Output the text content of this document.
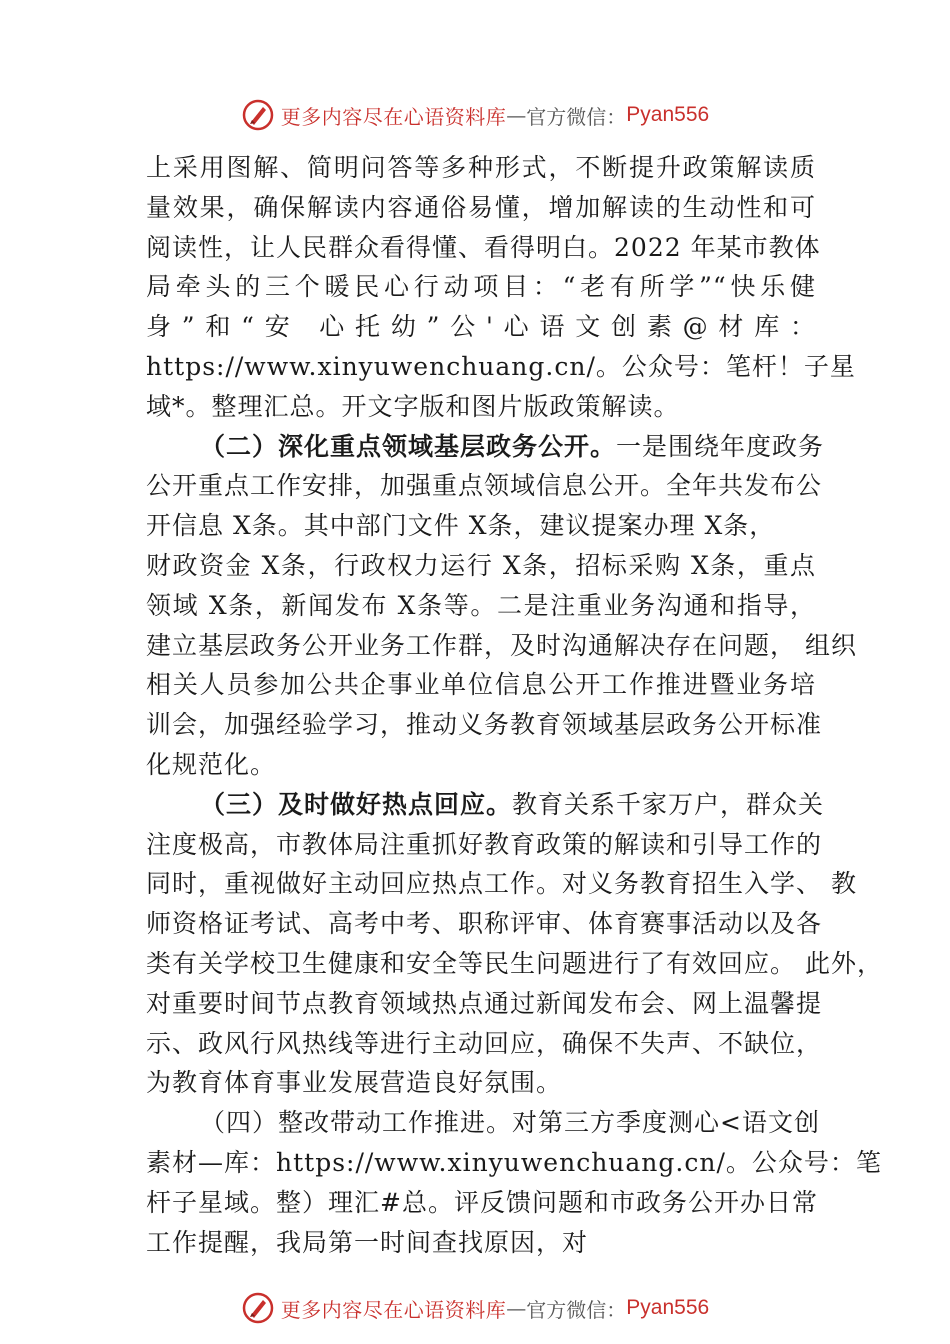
更多内容尽在心语资料库 — 官方微信： Pyan556
上采用图解、简明问答等多种形式，不断提升政策解读质
量效果，确保解读内容通俗易懂，增加解读的生动性和可
阅读性，让人民群众看得懂、看得明白。2022 年某市教体
局牵头的三个暖民心行动项目：“老有所学”“快乐健
身”和“安 心托幼”公'心语文创素@材库：
https://www.xinyuwenchuang.cn/。公众号：笔杆！子星
域*。整理汇总。开文字版和图片版政策解读。
（二）深化重点领域基层政务公开。一是围绕年度政务
公开重点工作安排，加强重点领域信息公开。全年共发布公
开信息 X条。其中部门文件 X条，建议提案办理 X条，
财政资金 X条，行政权力运行 X条，招标采购 X条，重点
领域 X条，新闻发布 X条等。二是注重业务沟通和指导，
建立基层政务公开业务工作群，及时沟通解决存在问题， 组织
相关人员参加公共企事业单位信息公开工作推进暨业务培
训会，加强经验学习，推动义务教育领域基层政务公开标准
化规范化。
（三）及时做好热点回应。教育关系千家万户，群众关
注度极高，市教体局注重抓好教育政策的解读和引导工作的
同时，重视做好主动回应热点工作。对义务教育招生入学、 教
师资格证考试、高考中考、职称评审、体育赛事活动以及各
类有关学校卫生健康和安全等民生问题进行了有效回应。 此外，
对重要时间节点教育领域热点通过新闻发布会、网上温馨提
示、政风行风热线等进行主动回应，确保不失声、不缺位，
为教育体育事业发展营造良好氛围。
（四）整改带动工作推进。对第三方季度测心<语文创
素材—库：https://www.xinyuwenchuang.cn/。公众号：笔
杆子星域。整）理汇#总。评反馈问题和市政务公开办日常
工作提醒，我局第一时间查找原因，对
更多内容尽在心语资料库 — 官方微信： Pyan556
